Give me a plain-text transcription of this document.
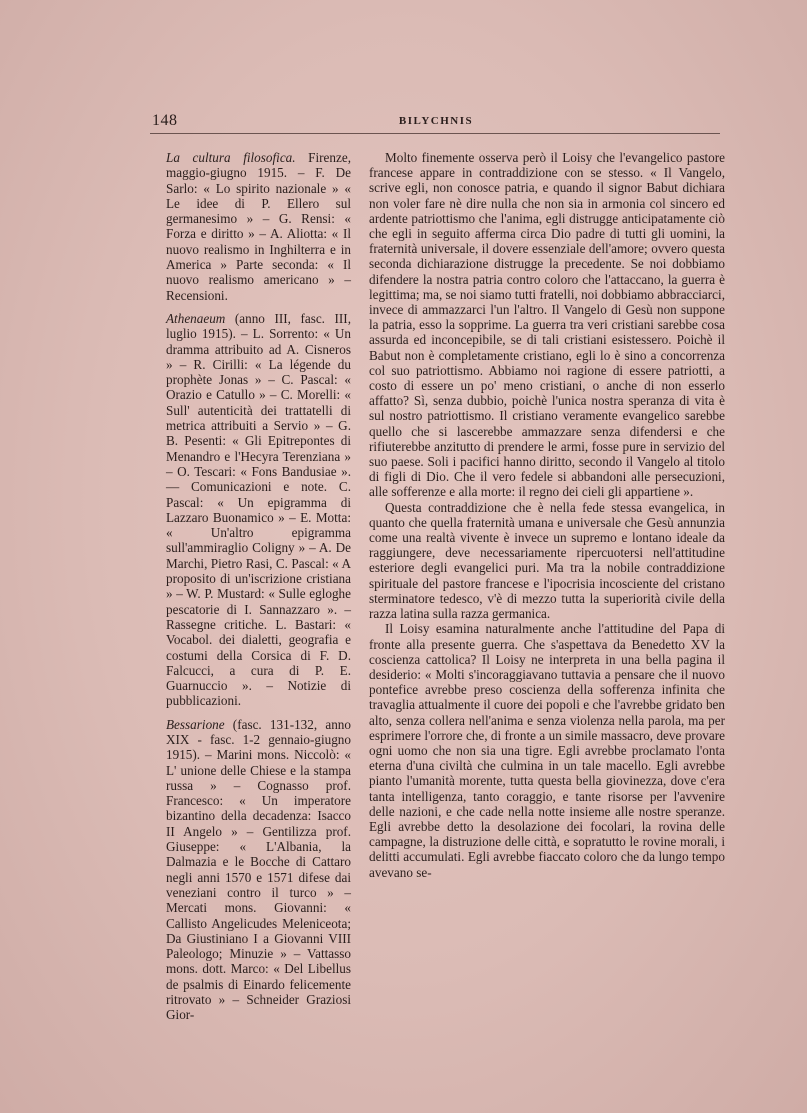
148	BILYCHNIS

La cultura filosofica. Firenze, maggio-giugno 1915. – F. De Sarlo: « Lo spirito nazionale » « Le idee di P. Ellero sul germanesimo » – G. Rensi: « Forza e diritto » – A. Aliotta: « Il nuovo realismo in Inghilterra e in America » Parte seconda: « Il nuovo realismo americano » – Recensioni.

Athenaeum (anno III, fasc. III, luglio 1915). – L. Sorrento: « Un dramma attribuito ad A. Cisneros » – R. Cirilli: « La légende du prophète Jonas » – C. Pascal: « Orazio e Catullo » – C. Morelli: « Sull' autenticità dei trattatelli di metrica attribuiti a Servio » – G. B. Pesenti: « Gli Epitrepontes di Menandro e l'Hecyra Terenziana » – O. Tescari: « Fons Bandusiae ». — Comunicazioni e note. C. Pascal: « Un epigramma di Lazzaro Buonamico » – E. Motta: « Un'altro epigramma sull'ammiraglio Coligny » – A. De Marchi, Pietro Rasi, C. Pascal: « A proposito di un'iscrizione cristiana » – W. P. Mustard: « Sulle egloghe pescatorie di I. Sannazzaro ». – Rassegne critiche. L. Bastari: « Vocabol. dei dialetti, geografia e costumi della Corsica di F. D. Falcucci, a cura di P. E. Guarnuccio ». – Notizie di pubblicazioni.

Bessarione (fasc. 131-132, anno XIX - fasc. 1-2 gennaio-giugno 1915). – Marini mons. Niccolò: « L' unione delle Chiese e la stampa russa » – Cognasso prof. Francesco: « Un imperatore bizantino della decadenza: Isacco II Angelo » – Gentilizza prof. Giuseppe: « L'Albania, la Dalmazia e le Bocche di Cattaro negli anni 1570 e 1571 difese dai veneziani contro il turco » – Mercati mons. Giovanni: « Callisto Angelicudes Meleniceota; Da Giustiniano I a Giovanni VIII Paleologo; Minuzie » – Vattasso mons. dott. Marco: « Del Libellus de psalmis di Einardo felicemente ritrovato » – Schneider Graziosi Gior-

Molto finemente osserva però il Loisy che l'evangelico pastore francese appare in contraddizione con se stesso. « Il Vangelo, scrive egli, non conosce patria, e quando il signor Babut dichiara non voler fare nè dire nulla che non sia in armonia col sincero ed ardente patriottismo che l'anima, egli distrugge anticipatamente ciò che egli in seguito afferma circa Dio padre di tutti gli uomini, la fraternità universale, il dovere essenziale dell'amore; ovvero questa seconda dichiarazione distrugge la precedente. Se noi dobbiamo difendere la nostra patria contro coloro che l'attaccano, la guerra è legittima; ma, se noi siamo tutti fratelli, noi dobbiamo abbracciarci, invece di ammazzarci l'un l'altro. Il Vangelo di Gesù non suppone la patria, esso la sopprime. La guerra tra veri cristiani sarebbe cosa assurda ed inconcepibile, se di tali cristiani esistessero. Poichè il Babut non è completamente cristiano, egli lo è sino a concorrenza col suo patriottismo. Abbiamo noi ragione di essere patriotti, a costo di essere un po' meno cristiani, o anche di non esserlo affatto? Sì, senza dubbio, poichè l'unica nostra speranza di vita è sul nostro patriottismo. Il cristiano veramente evangelico sarebbe quello che si lascerebbe ammazzare senza difendersi e che rifiuterebbe anzitutto di prendere le armi, fosse pure in servizio del suo paese. Soli i pacifici hanno diritto, secondo il Vangelo al titolo di figli di Dio. Che il vero fedele si abbandoni alle persecuzioni, alle sofferenze e alla morte: il regno dei cieli gli appartiene ».

Questa contraddizione che è nella fede stessa evangelica, in quanto che quella fraternità umana e universale che Gesù annunzia come una realtà vivente è invece un supremo e lontano ideale da raggiungere, deve necessariamente ripercuotersi nell'attitudine esteriore degli evangelici puri. Ma tra la nobile contraddizione spirituale del pastore francese e l'ipocrisia incosciente del cristano sterminatore tedesco, v'è di mezzo tutta la superiorità civile della razza latina sulla razza germanica.

Il Loisy esamina naturalmente anche l'attitudine del Papa di fronte alla presente guerra. Che s'aspettava da Benedetto XV la coscienza cattolica? Il Loisy ne interpreta in una bella pagina il desiderio: « Molti s'incoraggiavano tuttavia a pensare che il nuovo pontefice avrebbe preso coscienza della sofferenza infinita che travaglia attualmente il cuore dei popoli e che l'avrebbe gridato ben alto, senza collera nell'anima e senza violenza nella parola, ma per esprimere l'orrore che, di fronte a un simile massacro, deve provare ogni uomo che non sia una tigre. Egli avrebbe proclamato l'onta eterna d'una civiltà che culmina in un tale macello. Egli avrebbe pianto l'umanità morente, tutta questa bella giovinezza, dove c'era tanta intelligenza, tanto coraggio, e tante risorse per l'avvenire delle nazioni, e che cade nella notte insieme alle nostre speranze. Egli avrebbe detto la desolazione dei focolari, la rovina delle campagne, la distruzione delle città, e sopratutto le rovine morali, i delitti accumulati. Egli avrebbe fiaccato coloro che da lungo tempo avevano se-
